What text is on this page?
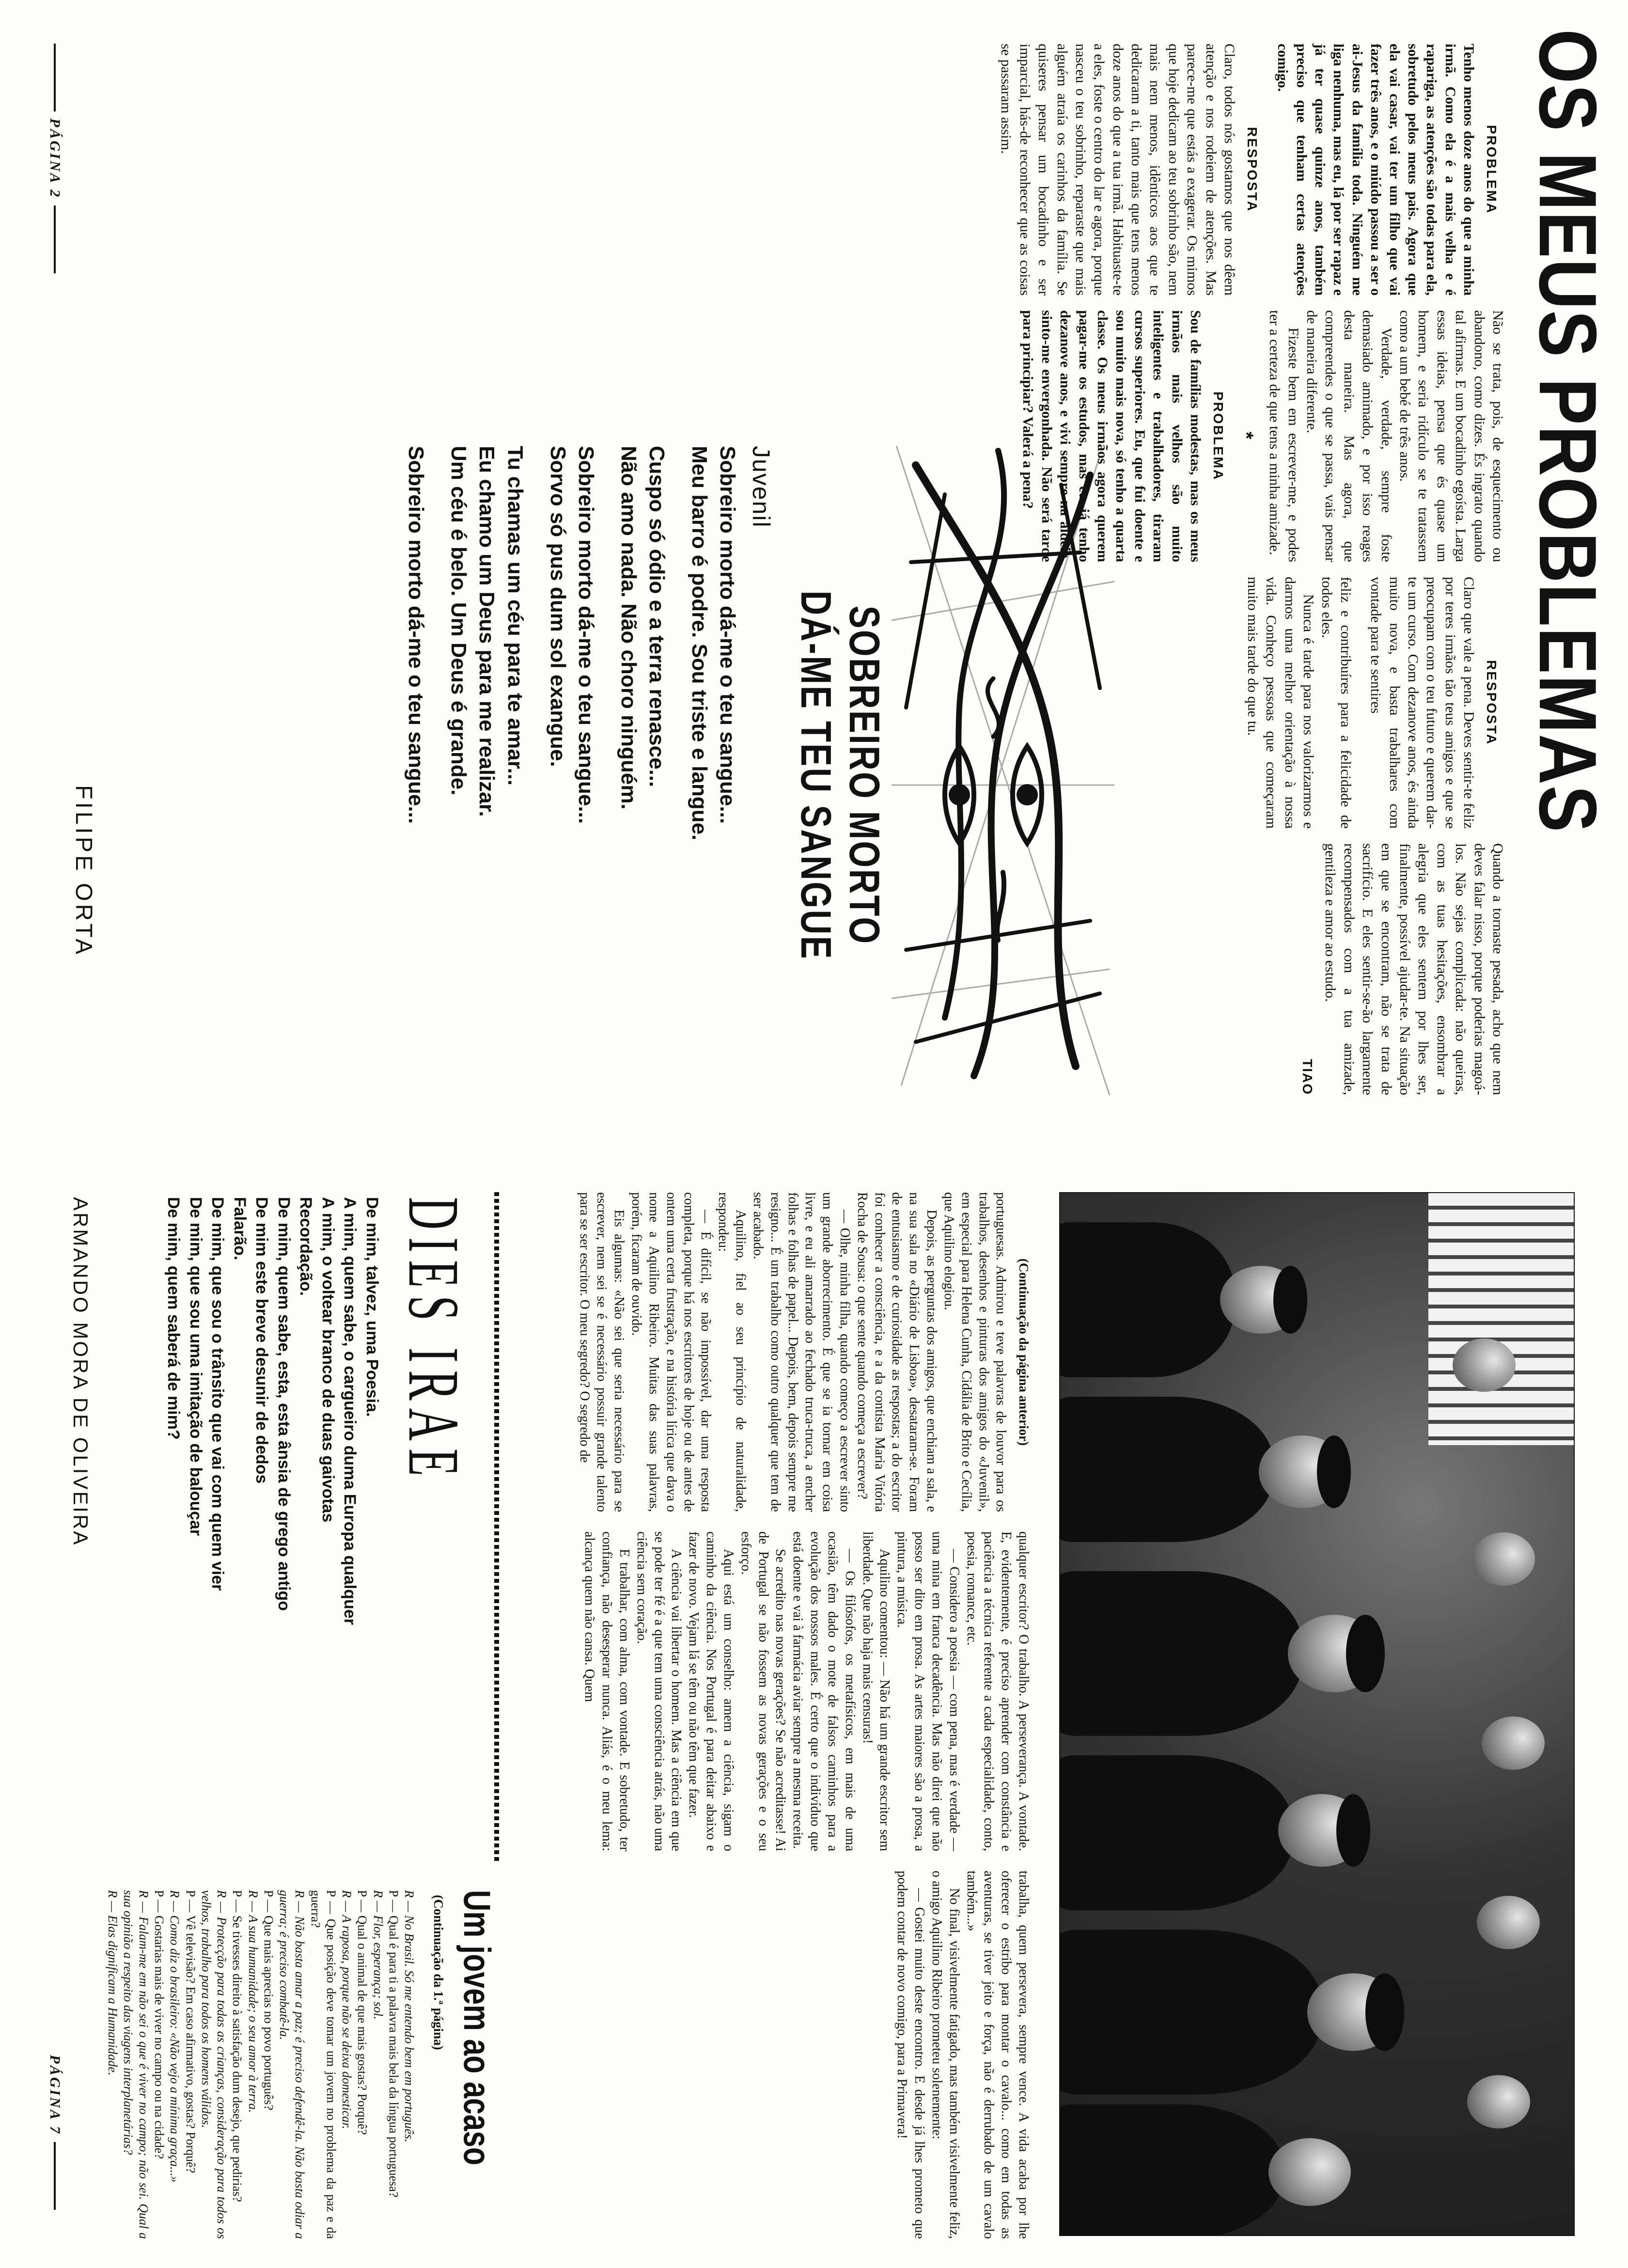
OS MEUS PROBLEMAS
PROBLEMA

Tenho menos doze anos do que a minha irmã. Como ela é a mais velha e é rapariga, as atenções são todas para ela, sobretudo pelos meus pais. Agora que ela vai casar, vai ter um filho que vai fazer três anos, e o miúdo passou a ser o ai-Jesus da família toda. Ninguém me liga nenhuma, mas eu, lá por ser rapaz e já ter quase quinze anos, também preciso que tenham certas atenções comigo.

RESPOSTA

Claro, todos nós gostamos que nos dêem atenção e nos rodeiem de atenções. Mas parece-me que estás a exagerar. Os mimos que hoje dedicam ao teu sobrinho são, nem mais nem menos, idênticos aos que te dedicaram a ti, tanto mais que tens menos doze anos do que a tua irmã. Habituaste-te a eles, foste o centro do lar e agora, porque nasceu o teu sobrinho, reparaste que mais alguém atraía os carinhos da família. Se quiseres pensar um bocadinho e ser imparcial, hás-de reconhecer que as coisas se passaram assim.

Não se trata, pois, de esquecimento ou abandono, como dizes. És ingrato quando tal afirmas. E um bocadinho egoísta. Larga essas ideias, pensa que és quase um homem, e seria ridículo se te tratassem como a um bebé de três anos.

Verdade, verdade, sempre foste demasiado amimado, e por isso reages desta maneira. Mas agora, que compreendes o que se passa, vais pensar de maneira diferente.

Fizeste bem em escrever-me, e podes ter a certeza de que tens a minha amizade.

*
PROBLEMA

Sou de famílias modestas, mas os meus irmãos mais velhos são muito inteligentes e trabalhadores, tiraram cursos superiores. Eu, que fui doente e sou muito mais nova, só tenho a quarta classe. Os meus irmãos agora querem pagar-me os estudos, mas eu já tenho dezanove anos, e vivi sempre na aldeia, sinto-me envergonhada. Não será tarde para principiar? Valerá a pena?

RESPOSTA

Claro que vale a pena. Deves sentir-te feliz por teres irmãos tão teus amigos e que se preocupam com o teu futuro e querem dar-te um curso. Com dezanove anos, és ainda muito nova, e basta trabalhares com vontade para te sentires

feliz e contribuíres para a felicidade de todos eles.

Nunca é tarde para nos valorizarmos e darmos uma melhor orientação à nossa vida. Conheço pessoas que começaram muito mais tarde do que tu.

Quando a tornaste pesada, acho que nem deves falar nisso, porque poderias magoá-los. Não sejas complicada: não queiras, com as tuas hesitações, ensombrar a alegria que eles sentem por lhes ser, finalmente, possível ajudar-te. Na situação em que se encontram, não se trata de sacrifício. E eles sentir-se-ão largamente recompensados com a tua amizade, gentileza e amor ao estudo.

TIAO
PÁGINA 2
SOBREIRO MORTO
DÁ-ME TEU SANGUE
Juvenil
Sobreiro morto dá-me o teu sangue...
Meu barro é podre. Sou triste e langue.
Cuspo só ódio e a terra renasce...
Não amo nada. Não choro ninguém.
Sobreiro morto dá-me o teu sangue...
Sorvo só pus dum sol exangue.
Tu chamas um céu para te amar...
Eu chamo um Deus para me realizar.
Um céu é belo. Um Deus é grande.
Sobreiro morto dá-me o teu sangue...
FILIPE ORTA
(Continuação da página anterior)

portuguesas. Admirou e teve palavras de louvor para os trabalhos, desenhos e pinturas dos amigos do «Juvenil», em especial para Helena Cunha, Cidália de Brito e Cecília, que Aquilino elogiou.

Depois, as perguntas dos amigos, que enchiam a sala, e na sua sala no «Diário de Lisboa», desataram-se. Foram de entusiasmo e de curiosidade as respostas; a do escritor foi conhecer a consciência, e a da contista Maria Vitória Rocha de Sousa: o que sente quando começa a escrever?

— Olhe, minha filha, quando começo a escrever sinto um grande aborrecimento. É que se ia tornar em coisa livre, e eu ali amarrado ao fechado truca-truca, a encher folhas e folhas de papel... Depois, bem, depois sempre me resigno... É um trabalho como outro qualquer que tem de ser acabado.

Aquilino, fiel ao seu princípio de naturalidade, respondeu:

— É difícil, se não impossível, dar uma resposta completa, porque há nos escritores de hoje ou de antes de ontem uma certa frustração, e na história lírica que dava o nome a Aquilino Ribeiro. Muitas das suas palavras, porém, ficaram de ouvido.

Eis algumas: «Não sei que seria necessário para se escrever, nem sei se é necessário possuir grande talento para se ser escritor. O meu segredo? O segredo de

qualquer escritor? O trabalho. A perseverança. A vontade. E, evidentemente, é preciso aprender com constância e paciência a técnica referente a cada especialidade, conto, poesia, romance, etc.

— Considero a poesia — com pena, mas é verdade — uma mina em franca decadência. Mas não direi que não posso ser dito em prosa. As artes maiores são a prosa, a pintura, a música.

Aquilino comentou: — Não há um grande escritor sem liberdade. Que não haja mais censuras!

— Os filósofos, os metafísicos, em mais de uma ocasião, têm dado o mote de falsos caminhos para a evolução dos nossos males. É certo que o indivíduo que está doente e vai à farmácia aviar sempre a mesma receita.

Se acredito nas novas gerações? Se não acreditasse! Ai de Portugal se não fossem as novas gerações e o seu esforço.

Aqui está um conselho: amem a ciência, sigam o caminho da ciência. Nos Portugal é para deitar abaixo e fazer de novo. Vejam lá se têm ou não têm que fazer.

A ciência vai libertar o homem. Mas a ciência em que se pode ter fé é a que tem uma consciência atrás, não uma ciência sem coração.

E trabalhar, com alma, com vontade. E sobretudo, ter confiança, não desesperar nunca. Aliás, é o meu lema: alcança quem não cansa. Quem

trabalha, quem persevera, sempre vence. A vida acaba por lhe oferecer o estribo para montar o cavalo... como em todas as aventuras, se tiver jeito e força, não é derrubado de um cavalo também...»

No final, visivelmente fatigado, mas também visivelmente feliz, o amigo Aquilino Ribeiro prometeu solenemente:

— Gostei muito deste encontro. E desde já lhes prometo que podem contar de novo comigo, para a Primavera!

DIES IRAE
De mim, talvez, uma Poesia.
A mim, quem sabe, o cargueiro duma Europa qualquer
A mim, o voltear branco de duas gaivotas
Recordação.
De mim, quem sabe, esta, esta ânsia de grego antigo
De mim este breve desunir de dedos
Falarão.
De mim, que sou o trânsito que vai com quem vier
De mim, que sou uma imitação de balouçar
De mim, quem saberá de mim?
ARMANDO MORA DE OLIVEIRA
Um jovem ao acaso
(Continuação da 1.ª página)

R — No Brasil. Só me entendo bem em português.

P — Qual é para ti a palavra mais bela da língua portuguesa?

R — Flor, esperança; sol.

P — Qual o animal de que mais gostas? Porquê?

R — A raposa, porque não se deixa domesticar.

P — Que posição deve tomar um jovem no problema da paz e da guerra?

R — Não basta amar a paz; é preciso defendê-la. Não basta odiar a guerra; é preciso combatê-la.

P — Que mais aprecias no povo português?

R — A sua humanidade; o seu amor à terra.

P — Se tivesses direito à satisfação dum desejo, que pedirias?

R — Protecção para todas as crianças, consideração para todos os velhos, trabalho para todos os homens válidos.

P — Vê televisão? Em caso afirmativo, gostas? Porquê?

R — Como diz o brasileiro: «Não vejo a mínima graça...»

P — Gostarias mais de viver no campo ou na cidade?

R — Falam-me em não sei o que é viver no campo; não sei. Qual a sua opinião a respeito das viagens interplanetárias?

R — Elas dignificam a Humanidade.

PÁGINA 7
